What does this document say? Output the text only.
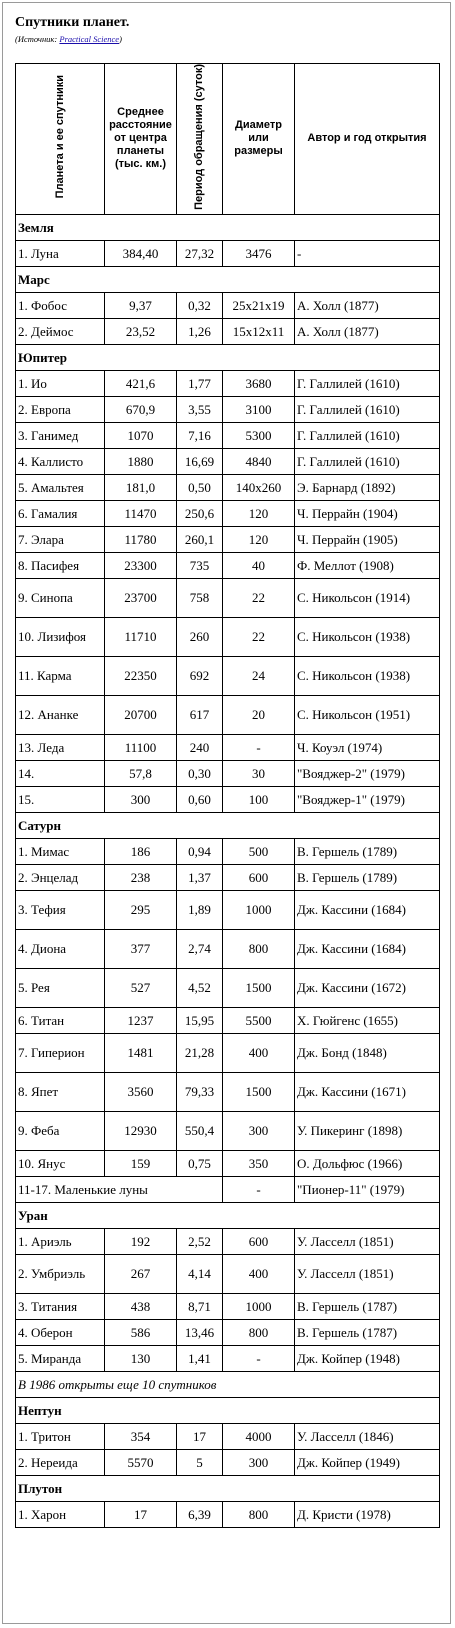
Спутники планет.
(Источник: Practical Science)
Планета и ее спутники	Среднее расстояние от центра планеты (тыс. км.)	Период обращения (суток)	Диаметр или размеры	Автор и год открытия
Земля				
1. Луна	384,40	27,32	3476	-
Марс				
1. Фобос	9,37	0,32	25x21x19	А. Холл (1877)
2. Деймос	23,52	1,26	15x12x11	А. Холл (1877)
Юпитер				
1. Ио	421,6	1,77	3680	Г. Галлилей (1610)
2. Европа	670,9	3,55	3100	Г. Галлилей (1610)
3. Ганимед	1070	7,16	5300	Г. Галлилей (1610)
4. Каллисто	1880	16,69	4840	Г. Галлилей (1610)
5. Амальтея	181,0	0,50	140x260	Э. Барнард (1892)
6. Гамалия	11470	250,6	120	Ч. Перрайн (1904)
7. Элара	11780	260,1	120	Ч. Перрайн (1905)
8. Пасифея	23300	735	40	Ф. Меллот (1908)
9. Синопа	23700	758	22	С. Никольсон (1914)
10. Лизифоя	11710	260	22	С. Никольсон (1938)
11. Карма	22350	692	24	С. Никольсон (1938)
12. Ананке	20700	617	20	С. Никольсон (1951)
13. Леда	11100	240	-	Ч. Коуэл (1974)
14.	57,8	0,30	30	"Вояджер-2" (1979)
15.	300	0,60	100	"Вояджер-1" (1979)
Сатурн				
1. Мимас	186	0,94	500	В. Гершель (1789)
2. Энцелад	238	1,37	600	В. Гершель (1789)
3. Тефия	295	1,89	1000	Дж. Кассини (1684)
4. Диона	377	2,74	800	Дж. Кассини (1684)
5. Рея	527	4,52	1500	Дж. Кассини (1672)
6. Титан	1237	15,95	5500	Х. Гюйгенс (1655)
7. Гиперион	1481	21,28	400	Дж. Бонд (1848)
8. Япет	3560	79,33	1500	Дж. Кассини (1671)
9. Феба	12930	550,4	300	У. Пикеринг (1898)
10. Янус	159	0,75	350	О. Дольфюс (1966)
11-17. Маленькие луны			-	"Пионер-11" (1979)
Уран				
1. Ариэль	192	2,52	600	У. Ласселл (1851)
2. Умбриэль	267	4,14	400	У. Ласселл (1851)
3. Титания	438	8,71	1000	В. Гершель (1787)
4. Оберон	586	13,46	800	В. Гершель (1787)
5. Миранда	130	1,41	-	Дж. Койпер (1948)
В 1986 открыты еще 10 спутников				
Нептун				
1. Тритон	354	17	4000	У. Ласселл (1846)
2. Нереида	5570	5	300	Дж. Койпер (1949)
Плутон				
1. Харон	17	6,39	800	Д. Кристи (1978)
